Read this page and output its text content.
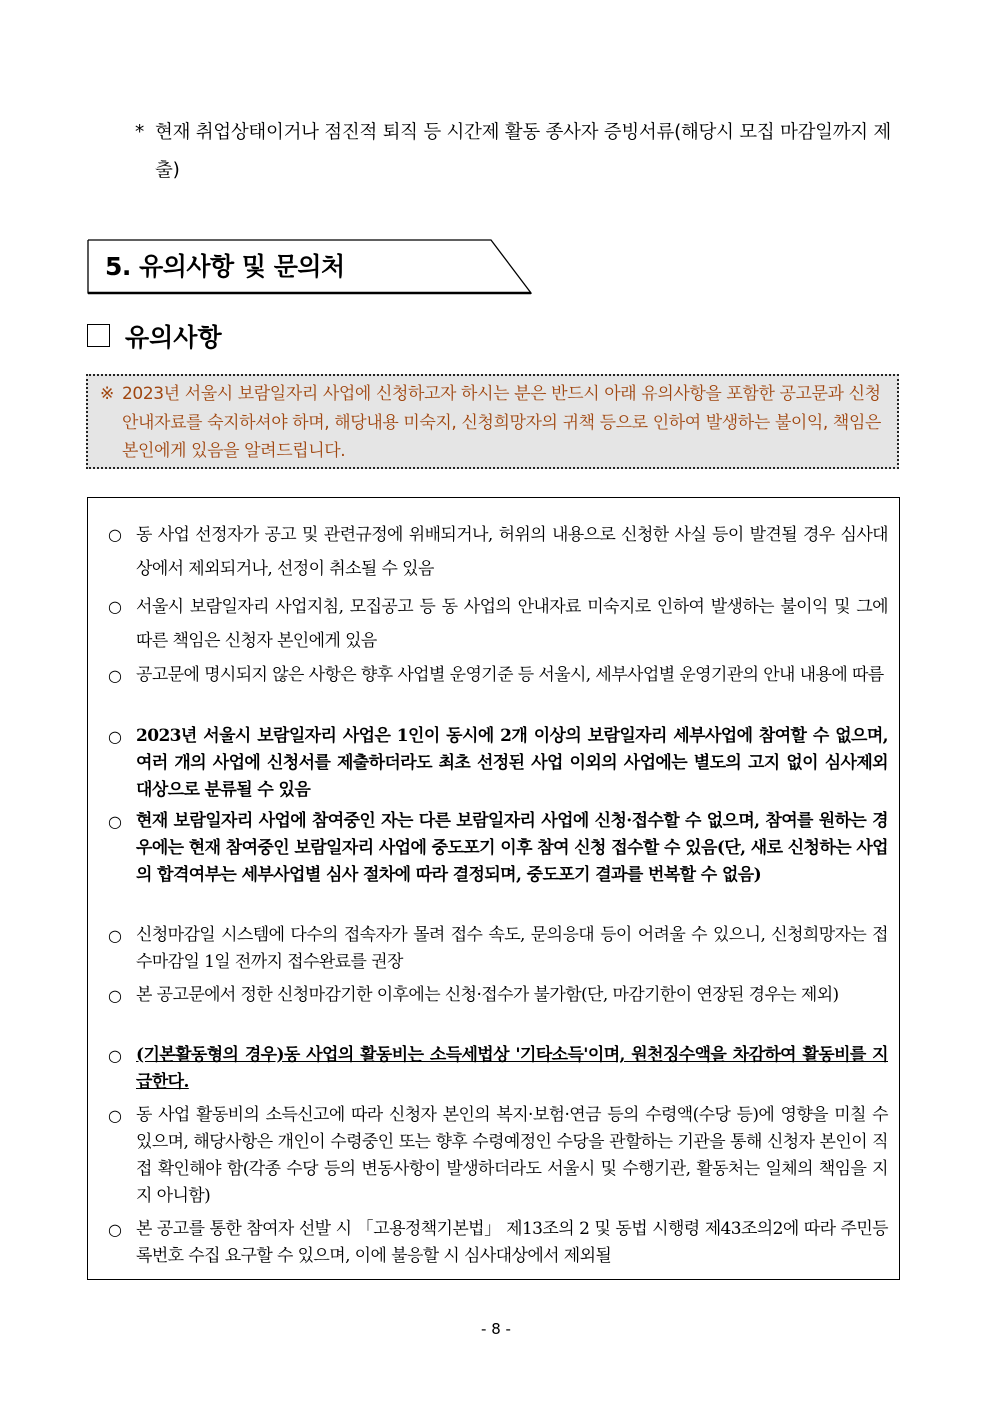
* 현재 취업상태이거나 점진적 퇴직 등 시간제 활동 종사자 증빙서류(해당시 모집 마감일까지 제출)
5. 유의사항 및 문의처
유의사항
※ 2023년 서울시 보람일자리 사업에 신청하고자 하시는 분은 반드시 아래 유의사항을 포함한 공고문과 신청 안내자료를 숙지하셔야 하며, 해당내용 미숙지, 신청희망자의 귀책 등으로 인하여 발생하는 불이익, 책임은 본인에게 있음을 알려드립니다.
○ 동 사업 선정자가 공고 및 관련규정에 위배되거나, 허위의 내용으로 신청한 사실 등이 발견될 경우 심사대상에서 제외되거나, 선정이 취소될 수 있음
○ 서울시 보람일자리 사업지침, 모집공고 등 동 사업의 안내자료 미숙지로 인하여 발생하는 불이익 및 그에 따른 책임은 신청자 본인에게 있음
○ 공고문에 명시되지 않은 사항은 향후 사업별 운영기준 등 서울시, 세부사업별 운영기관의 안내 내용에 따름
○ 2023년 서울시 보람일자리 사업은 1인이 동시에 2개 이상의 보람일자리 세부사업에 참여할 수 없으며, 여러 개의 사업에 신청서를 제출하더라도 최초 선정된 사업 이외의 사업에는 별도의 고지 없이 심사제외 대상으로 분류될 수 있음
○ 현재 보람일자리 사업에 참여중인 자는 다른 보람일자리 사업에 신청·접수할 수 없으며, 참여를 원하는 경우에는 현재 참여중인 보람일자리 사업에 중도포기 이후 참여 신청 접수할 수 있음(단, 새로 신청하는 사업의 합격여부는 세부사업별 심사 절차에 따라 결정되며, 중도포기 결과를 번복할 수 없음)
○ 신청마감일 시스템에 다수의 접속자가 몰려 접수 속도, 문의응대 등이 어려울 수 있으니, 신청희망자는 접수마감일 1일 전까지 접수완료를 권장
○ 본 공고문에서 정한 신청마감기한 이후에는 신청·접수가 불가함(단, 마감기한이 연장된 경우는 제외)
○ (기본활동형의 경우)동 사업의 활동비는 소득세법상 '기타소득'이며, 원천징수액을 차감하여 활동비를 지급한다.
○ 동 사업 활동비의 소득신고에 따라 신청자 본인의 복지·보험·연금 등의 수령액(수당 등)에 영향을 미칠 수 있으며, 해당사항은 개인이 수령중인 또는 향후 수령예정인 수당을 관할하는 기관을 통해 신청자 본인이 직접 확인해야 함(각종 수당 등의 변동사항이 발생하더라도 서울시 및 수행기관, 활동처는 일체의 책임을 지지 아니함)
○ 본 공고를 통한 참여자 선발 시 「고용정책기본법」 제13조의 2 및 동법 시행령 제43조의2에 따라 주민등록번호 수집 요구할 수 있으며, 이에 불응할 시 심사대상에서 제외될
- 8 -
